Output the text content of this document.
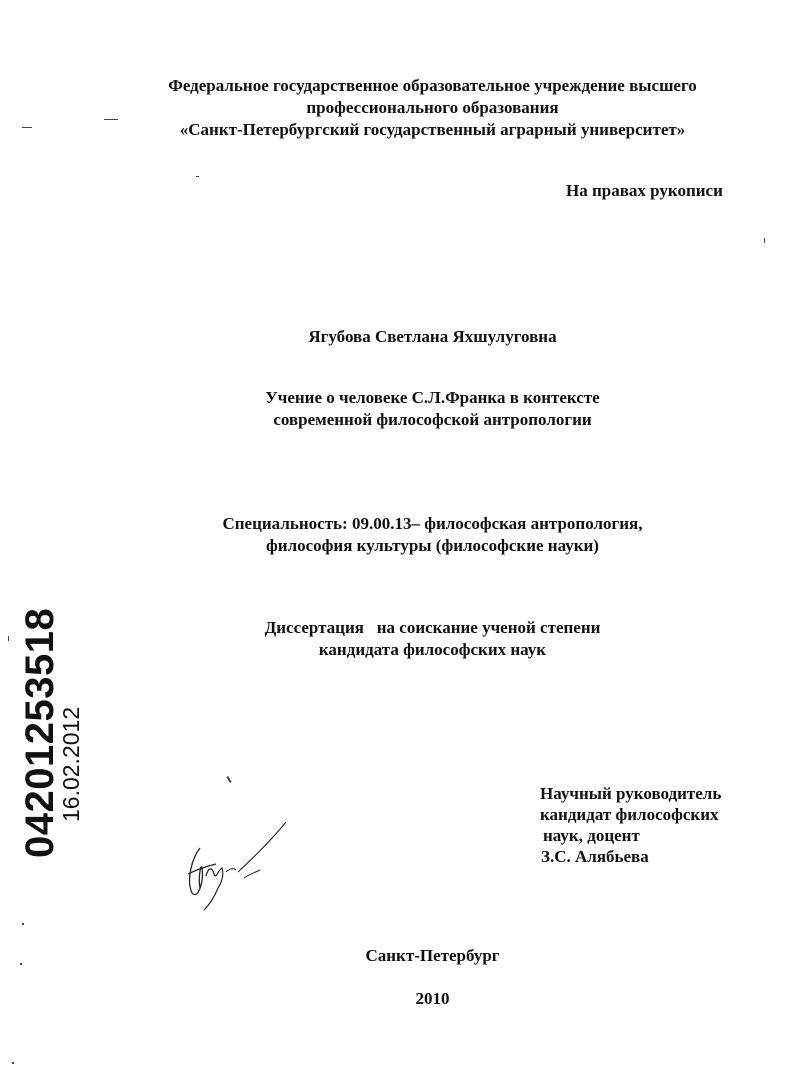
Федеральное государственное образовательное учреждение высшего
профессионального образования
«Санкт-Петербургский государственный аграрный университет»
На правах рукописи
Ягубова Светлана Яхшулуговна
Учение о человеке С.Л.Франка в контексте
современной философской антропологии
Специальность: 09.00.13– философская антропология,
философия культуры (философские науки)
Диссертация   на соискание ученой степени
кандидата философских наук
Научный руководитель
кандидат философских
наук, доцент
З.С. Алябьева
Санкт-Петербург
2010
04201253518
16.02.2012
